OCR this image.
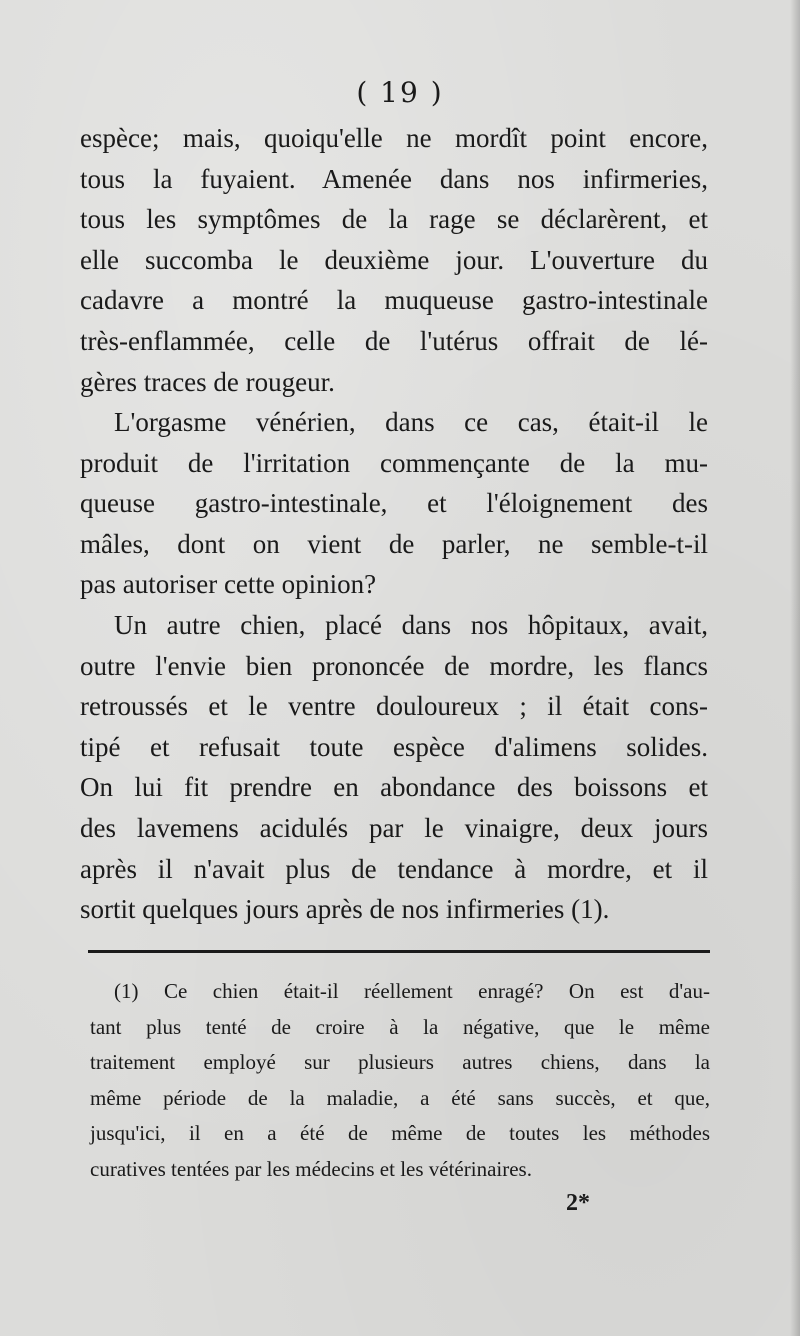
( 19 )
espèce; mais, quoiqu'elle ne mordît point encore,
tous la fuyaient. Amenée dans nos infirmeries,
tous les symptômes de la rage se déclarèrent, et
elle succomba le deuxième jour. L'ouverture du
cadavre a montré la muqueuse gastro-intestinale
très-enflammée, celle de l'utérus offrait de lé-
gères traces de rougeur.
L'orgasme vénérien, dans ce cas, était-il le
produit de l'irritation commençante de la mu-
queuse gastro-intestinale, et l'éloignement des
mâles, dont on vient de parler, ne semble-t-il
pas autoriser cette opinion?
Un autre chien, placé dans nos hôpitaux, avait,
outre l'envie bien prononcée de mordre, les flancs
retroussés et le ventre douloureux ; il était cons-
tipé et refusait toute espèce d'alimens solides.
On lui fit prendre en abondance des boissons et
des lavemens acidulés par le vinaigre, deux jours
après il n'avait plus de tendance à mordre, et il
sortit quelques jours après de nos infirmeries (1).
(1) Ce chien était-il réellement enragé? On est d'au-
tant plus tenté de croire à la négative, que le même
traitement employé sur plusieurs autres chiens, dans la
même période de la maladie, a été sans succès, et que,
jusqu'ici, il en a été de même de toutes les méthodes
curatives tentées par les médecins et les vétérinaires.
2*
